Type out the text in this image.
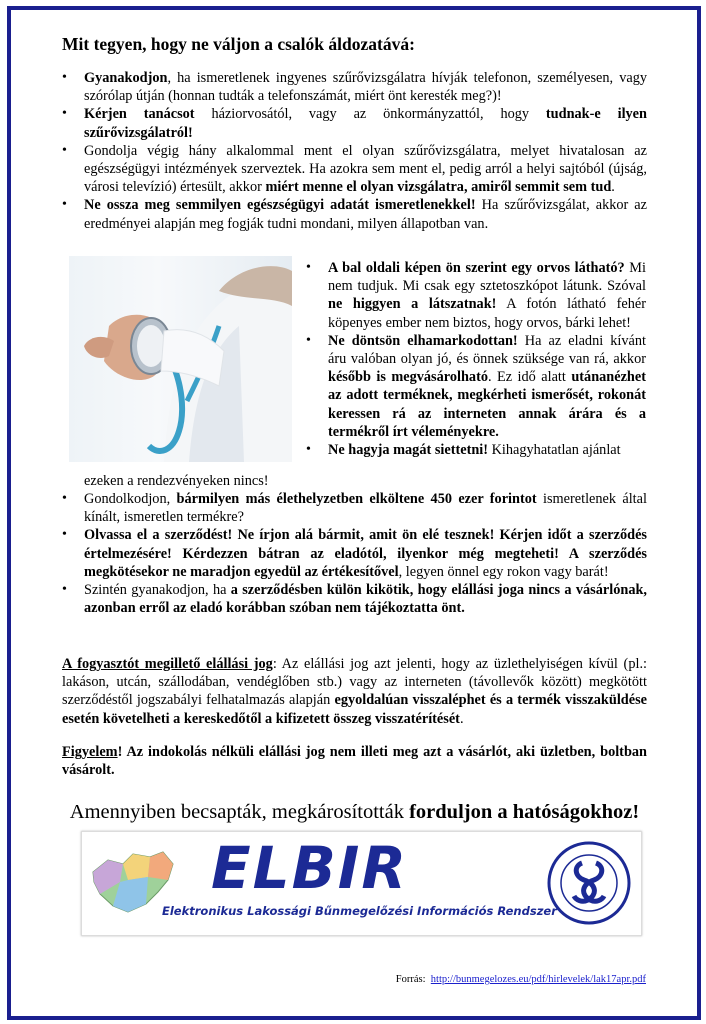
Mit tegyen, hogy ne váljon a csalók áldozatává:
• Gyanakodjon, ha ismeretlenek ingyenes szűrővizsgálatra hívják telefonon, személyesen, vagy szórólap útján (honnan tudták a telefonszámát, miért önt keresték meg?)!
• Kérjen tanácsot háziorvosától, vagy az önkormányzattól, hogy tudnak-e ilyen szűrővizsgálatról!
• Gondolja végig hány alkalommal ment el olyan szűrővizsgálatra, melyet hivatalosan az egészségügyi intézmények szerveztek. Ha azokra sem ment el, pedig arról a helyi sajtóból (újság, városi televízió) értesült, akkor miért menne el olyan vizsgálatra, amiről semmit sem tud.
• Ne ossza meg semmilyen egészségügyi adatát ismeretlenekkel! Ha szűrővizsgálat, akkor az eredményei alapján meg fogják tudni mondani, milyen állapotban van.
• A bal oldali képen ön szerint egy orvos látható? Mi nem tudjuk. Mi csak egy sztetoszkópot látunk. Szóval ne higgyen a látszatnak! A fotón látható fehér köpenyes ember nem biztos, hogy orvos, bárki lehet!
• Ne döntsön elhamarkodottan! Ha az eladni kívánt áru valóban olyan jó, és önnek szüksége van rá, akkor később is megvásárolható. Ez idő alatt utánanézhet az adott terméknek, megkérheti ismerősét, rokonát keressen rá az interneten annak árára és a termékről írt véleményekre.
• Ne hagyja magát siettetni! Kihagyhatatlan ajánlat
ezeken a rendezvényeken nincs!
• Gondolkodjon, bármilyen más élethelyzetben elköltene 450 ezer forintot ismeretlenek által kínált, ismeretlen termékre?
• Olvassa el a szerződést! Ne írjon alá bármit, amit ön elé tesznek! Kérjen időt a szerződés értelmezésére! Kérdezzen bátran az eladótól, ilyenkor még megteheti! A szerződés megkötésekor ne maradjon egyedül az értékesítővel, legyen önnel egy rokon vagy barát!
• Szintén gyanakodjon, ha a szerződésben külön kikötik, hogy elállási joga nincs a vásárlónak, azonban erről az eladó korábban szóban nem tájékoztatta önt.
A fogyasztót megillető elállási jog: Az elállási jog azt jelenti, hogy az üzlethelyiségen kívül (pl.: lakáson, utcán, szállodában, vendéglőben stb.) vagy az interneten (távollevők között) megkötött szerződéstől jogszabályi felhatalmazás alapján egyoldalúan visszaléphet és a termék visszaküldése esetén követelheti a kereskedőtől a kifizetett összeg visszatérítését.
Figyelem! Az indokolás nélküli elállási jog nem illeti meg azt a vásárlót, aki üzletben, boltban vásárolt.
Amennyiben becsapták, megkárosították forduljon a hatóságokhoz!
ELBIR
Elektronikus Lakossági Bűnmegelőzési Információs Rendszer
Forrás: http://bunmegelozes.eu/pdf/hirlevelek/lak17apr.pdf
